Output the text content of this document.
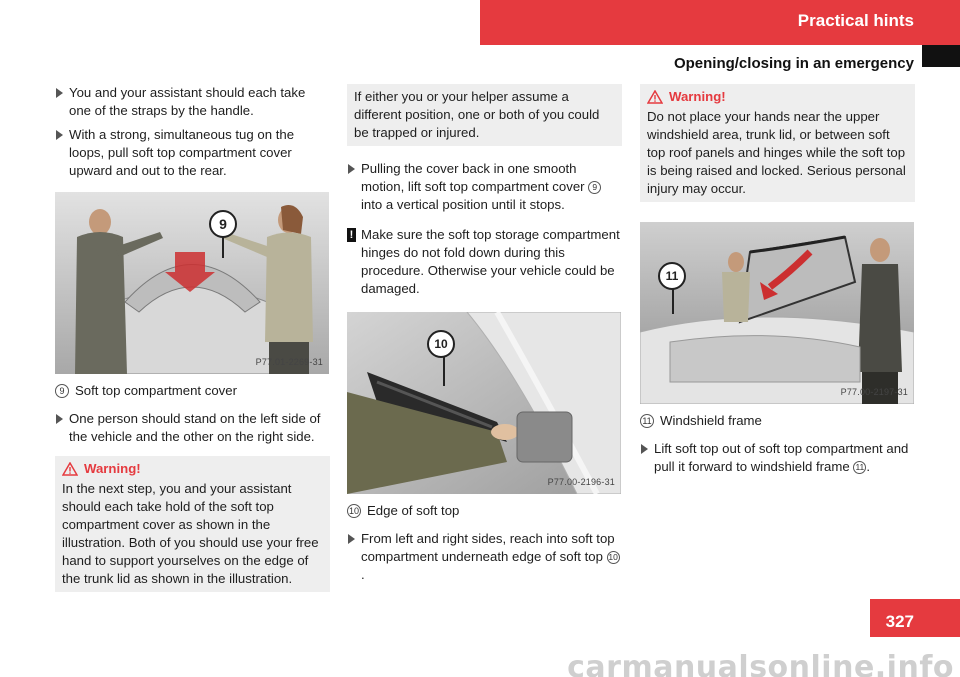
Practical hints
Opening/closing in an emergency
You and your assistant should each take one of the straps by the handle.
With a strong, simultaneous tug on the loops, pull soft top compartment cover upward and out to the rear.
9
P77.01-2269-31
9 Soft top compartment cover
One person should stand on the left side of the vehicle and the other on the right side.
Warning!
In the next step, you and your assistant should each take hold of the soft top compartment cover as shown in the illustration. Both of you should use your free hand to support yourselves on the edge of the trunk lid as shown in the illustration.
If either you or your helper assume a different position, one or both of you could be trapped or injured.
Pulling the cover back in one smooth motion, lift soft top compartment cover 9 into a vertical position until it stops.
! Make sure the soft top storage compartment hinges do not fold down during this procedure. Otherwise your vehicle could be damaged.
10
P77.00-2196-31
10 Edge of soft top
From left and right sides, reach into soft top compartment underneath edge of soft top 10.
Warning!
Do not place your hands near the upper windshield area, trunk lid, or between soft top roof panels and hinges while the soft top is being raised and locked. Serious personal injury may occur.
11
P77.00-2197-31
11 Windshield frame
Lift soft top out of soft top compartment and pull it forward to windshield frame 11 .
327
carmanualsonline.info
